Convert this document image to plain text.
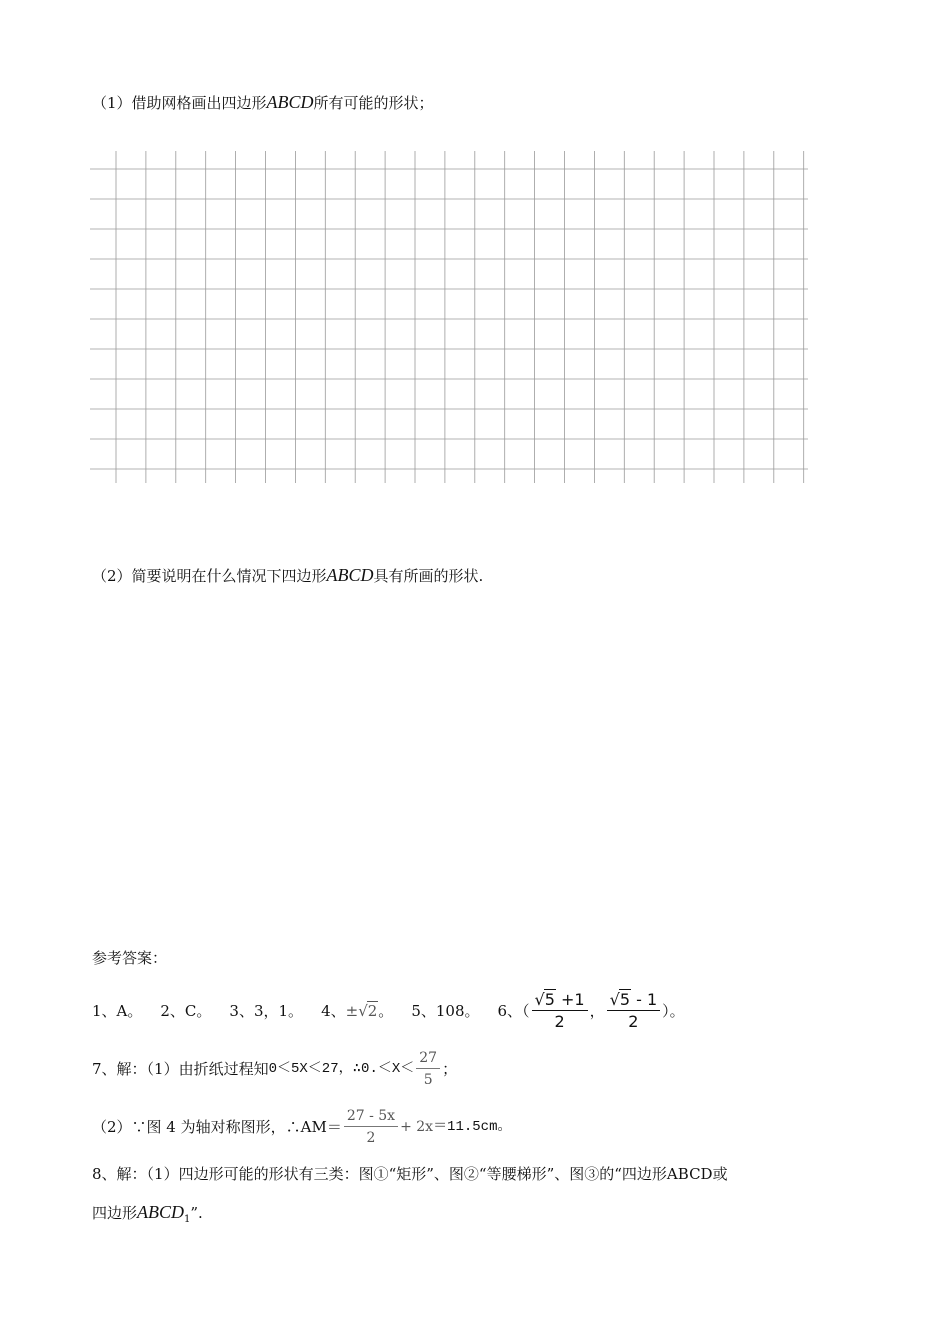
（1）借助网格画出四边形ABCD所有可能的形状；
（2）简要说明在什么情况下四边形ABCD具有所画的形状.
参考答案：
1、A。 2、C。 3、3，1。 4、 ± √2 。 5、108。 6、（ $\frac{√5 +1}{2}$ ， $\frac{√5 - 1}{2}$ ）。
7、解：（1）由折纸过程知 0＜5X＜27， ∴0.＜X＜ $\frac{27}{5}$ ；
（2）∵图 4 为轴对称图形，∴AM＝ $\frac{27 - 5x}{2} + 2x =11.5cm$。
8、解：（1）四边形可能的形状有三类：图①“矩形”、图②“等腰梯形”、图③的“四边形ABCD或
四边形$ABCD_1$”.
